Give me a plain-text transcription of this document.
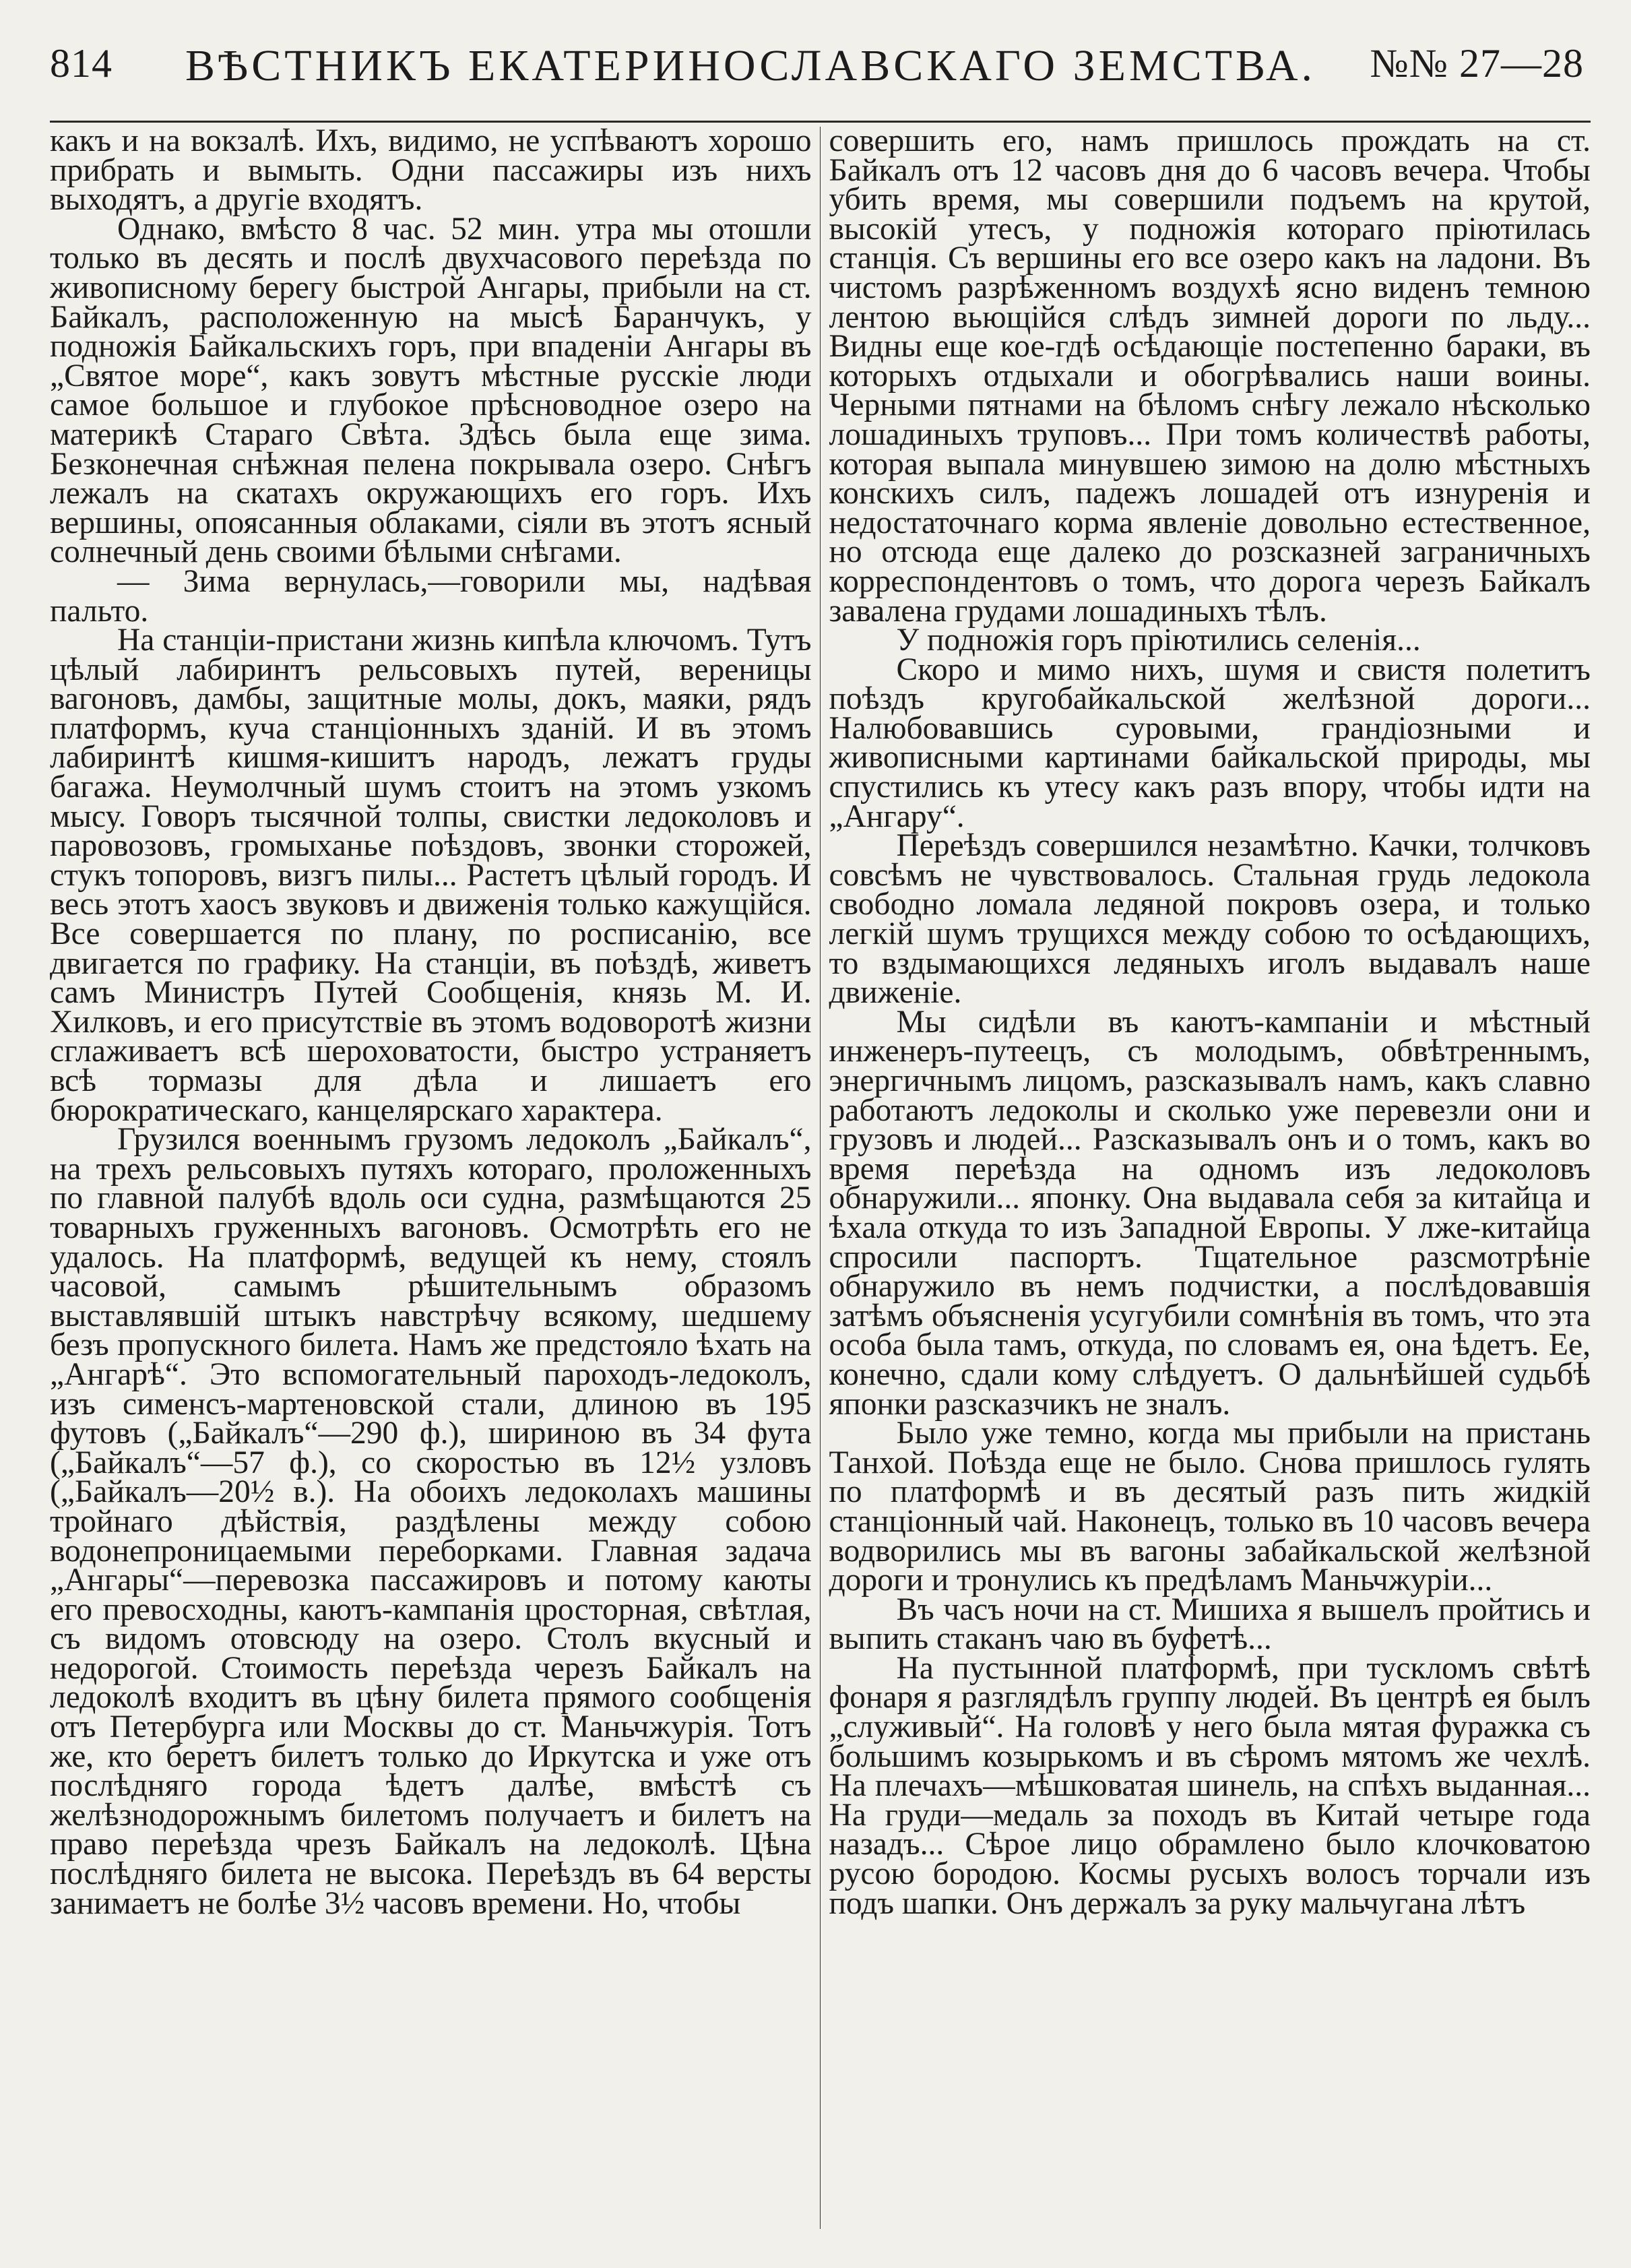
814	ВѢСТНИКЪ ЕКАТЕРИНОСЛАВСКАГО ЗЕМСТВА.	№№ 27—28

какъ и на вокзалѣ. Ихъ, видимо, не успѣваютъ хорошо прибрать и вымыть. Одни пассажиры изъ нихъ выходятъ, а другіе входятъ.

Однако, вмѣсто 8 час. 52 мин. утра мы отошли только въ десять и послѣ двухчасового переѣзда по живописному берегу быстрой Ангары, прибыли на ст. Байкалъ, расположенную на мысѣ Баранчукъ, у подножія Байкальскихъ горъ, при впаденіи Ангары въ „Святое море“, какъ зовутъ мѣстные русскіе люди самое большое и глубокое прѣсноводное озеро на материкѣ Стараго Свѣта. Здѣсь была еще зима. Безконечная снѣжная пелена покрывала озеро. Снѣгъ лежалъ на скатахъ окружающихъ его горъ. Ихъ вершины, опоясанныя облаками, сіяли въ этотъ ясный солнечный день своими бѣлыми снѣгами.

— Зима вернулась,—говорили мы, надѣвая пальто.

На станціи-пристани жизнь кипѣла ключомъ. Тутъ цѣлый лабиринтъ рельсовыхъ путей, вереницы вагоновъ, дамбы, защитные молы, докъ, маяки, рядъ платформъ, куча станціонныхъ зданій. И въ этомъ лабиринтѣ кишмя-кишитъ народъ, лежатъ груды багажа. Неумолчный шумъ стоитъ на этомъ узкомъ мысу. Говоръ тысячной толпы, свистки ледоколовъ и паровозовъ, громыханье поѣздовъ, звонки сторожей, стукъ топоровъ, визгъ пилы... Растетъ цѣлый городъ. И весь этотъ хаосъ звуковъ и движенія только кажущійся. Все совершается по плану, по росписанію, все двигается по графику. На станціи, въ поѣздѣ, живетъ самъ Министръ Путей Сообщенія, князь М. И. Хилковъ, и его присутствіе въ этомъ водоворотѣ жизни сглаживаетъ всѣ шероховатости, быстро устраняетъ всѣ тормазы для дѣла и лишаетъ его бюрократическаго, канцелярскаго характера.

Грузился военнымъ грузомъ ледоколъ „Байкалъ“, на трехъ рельсовыхъ путяхъ котораго, проложенныхъ по главной палубѣ вдоль оси судна, размѣщаются 25 товарныхъ груженныхъ вагоновъ. Осмотрѣть его не удалось. На платформѣ, ведущей къ нему, стоялъ часовой, самымъ рѣшительнымъ образомъ выставлявшій штыкъ навстрѣчу всякому, шедшему безъ пропускного билета. Намъ же предстояло ѣхать на „Ангарѣ“. Это вспомогательный пароходъ-ледоколъ, изъ сименсъ-мартеновской стали, длиною въ 195 футовъ („Байкалъ“—290 ф.), шириною въ 34 фута („Байкалъ“—57 ф.), со скоростью въ 12½ узловъ („Байкалъ—20½ в.). На обоихъ ледоколахъ машины тройнаго дѣйствія, раздѣлены между собою водонепроницаемыми переборками. Главная задача „Ангары“—перевозка пассажировъ и потому каюты его превосходны, каютъ-кампанія цросторная, свѣтлая, съ видомъ отовсюду на озеро. Столъ вкусный и недорогой. Стоимость переѣзда черезъ Байкалъ на ледоколѣ входитъ въ цѣну билета прямого сообщенія отъ Петербурга или Москвы до ст. Маньчжурія. Тотъ же, кто беретъ билетъ только до Иркутска и уже отъ послѣдняго города ѣдетъ далѣе, вмѣстѣ съ желѣзнодорожнымъ билетомъ получаетъ и билетъ на право переѣзда чрезъ Байкалъ на ледоколѣ. Цѣна послѣдняго билета не высока. Переѣздъ въ 64 версты занимаетъ не болѣе 3½ часовъ времени. Но, чтобы

совершить его, намъ пришлось прождать на ст. Байкалъ отъ 12 часовъ дня до 6 часовъ вечера. Чтобы убить время, мы совершили подъемъ на крутой, высокій утесъ, у подножія котораго пріютилась станція. Съ вершины его все озеро какъ на ладони. Въ чистомъ разрѣженномъ воздухѣ ясно виденъ темною лентою вьющійся слѣдъ зимней дороги по льду... Видны еще кое-гдѣ осѣдающіе постепенно бараки, въ которыхъ отдыхали и обогрѣвались наши воины. Черными пятнами на бѣломъ снѣгу лежало нѣсколько лошадиныхъ труповъ... При томъ количествѣ работы, которая выпала минувшею зимою на долю мѣстныхъ конскихъ силъ, падежъ лошадей отъ изнуренія и недостаточнаго корма явленіе довольно естественное, но отсюда еще далеко до розсказней заграничныхъ корреспондентовъ о томъ, что дорога черезъ Байкалъ завалена грудами лошадиныхъ тѣлъ.

У подножія горъ пріютились селенія...

Скоро и мимо нихъ, шумя и свистя полетитъ поѣздъ кругобайкальской желѣзной дороги... Налюбовавшись суровыми, грандіозными и живописными картинами байкальской природы, мы спустились къ утесу какъ разъ впору, чтобы идти на „Ангару“.

Переѣздъ совершился незамѣтно. Качки, толчковъ совсѣмъ не чувствовалось. Стальная грудь ледокола свободно ломала ледяной покровъ озера, и только легкій шумъ трущихся между собою то осѣдающихъ, то вздымающихся ледяныхъ иголъ выдавалъ наше движеніе.

Мы сидѣли въ каютъ-кампаніи и мѣстный инженеръ-путеецъ, съ молодымъ, обвѣтреннымъ, энергичнымъ лицомъ, разсказывалъ намъ, какъ славно работаютъ ледоколы и сколько уже перевезли они и грузовъ и людей... Разсказывалъ онъ и о томъ, какъ во время переѣзда на одномъ изъ ледоколовъ обнаружили... японку. Она выдавала себя за китайца и ѣхала откуда то изъ Западной Европы. У лже-китайца спросили паспортъ. Тщательное разсмотрѣніе обнаружило въ немъ подчистки, а послѣдовавшія затѣмъ объясненія усугубили сомнѣнія въ томъ, что эта особа была тамъ, откуда, по словамъ ея, она ѣдетъ. Ее, конечно, сдали кому слѣдуетъ. О дальнѣйшей судьбѣ японки разсказчикъ не зналъ.

Было уже темно, когда мы прибыли на пристань Танхой. Поѣзда еще не было. Снова пришлось гулять по платформѣ и въ десятый разъ пить жидкій станціонный чай. Наконецъ, только въ 10 часовъ вечера водворились мы въ вагоны забайкальской желѣзной дороги и тронулись къ предѣламъ Маньчжуріи...

Въ часъ ночи на ст. Мишиха я вышелъ пройтись и выпить стаканъ чаю въ буфетѣ...

На пустынной платформѣ, при тускломъ свѣтѣ фонаря я разглядѣлъ группу людей. Въ центрѣ ея былъ „служивый“. На головѣ у него была мятая фуражка съ большимъ козырькомъ и въ сѣромъ мятомъ же чехлѣ. На плечахъ—мѣшковатая шинель, на спѣхъ выданная... На груди—медаль за походъ въ Китай четыре года назадъ... Сѣрое лицо обрамлено было клочковатою русою бородою. Космы русыхъ волосъ торчали изъ подъ шапки. Онъ держалъ за руку мальчугана лѣтъ
